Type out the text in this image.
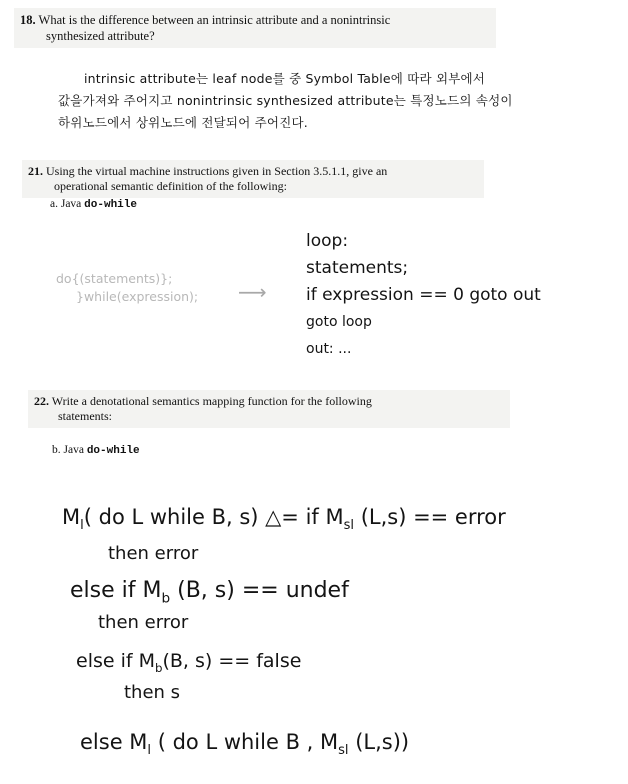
18. What is the difference between an intrinsic attribute and a nonintrinsic
synthesized attribute?
intrinsic attribute는 leaf node를 중 Symbol Table에 따라 외부에서
값을가져와 주어지고 nonintrinsic synthesized attribute는 특정노드의 속성이
하위노드에서 상위노드에 전달되어 주어진다.
21. Using the virtual machine instructions given in Section 3.5.1.1, give an
operational semantic definition of the following:
a. Java do-while
do{(statements)};
}while(expression); ⟶
loop:
statements;
if expression == 0 goto out
goto loop
out: ...
22. Write a denotational semantics mapping function for the following
statements:
b. Java do-while
$M_l$( do L while B, s) △= if $M_{sl}$ (L,s) == error
then error
else if $M_b$ (B, s) == undef
then error
else if $M_b(B$, s) == false
then s
else $M_l$ ( do L while B , $M_{sl}$ (L,s))
